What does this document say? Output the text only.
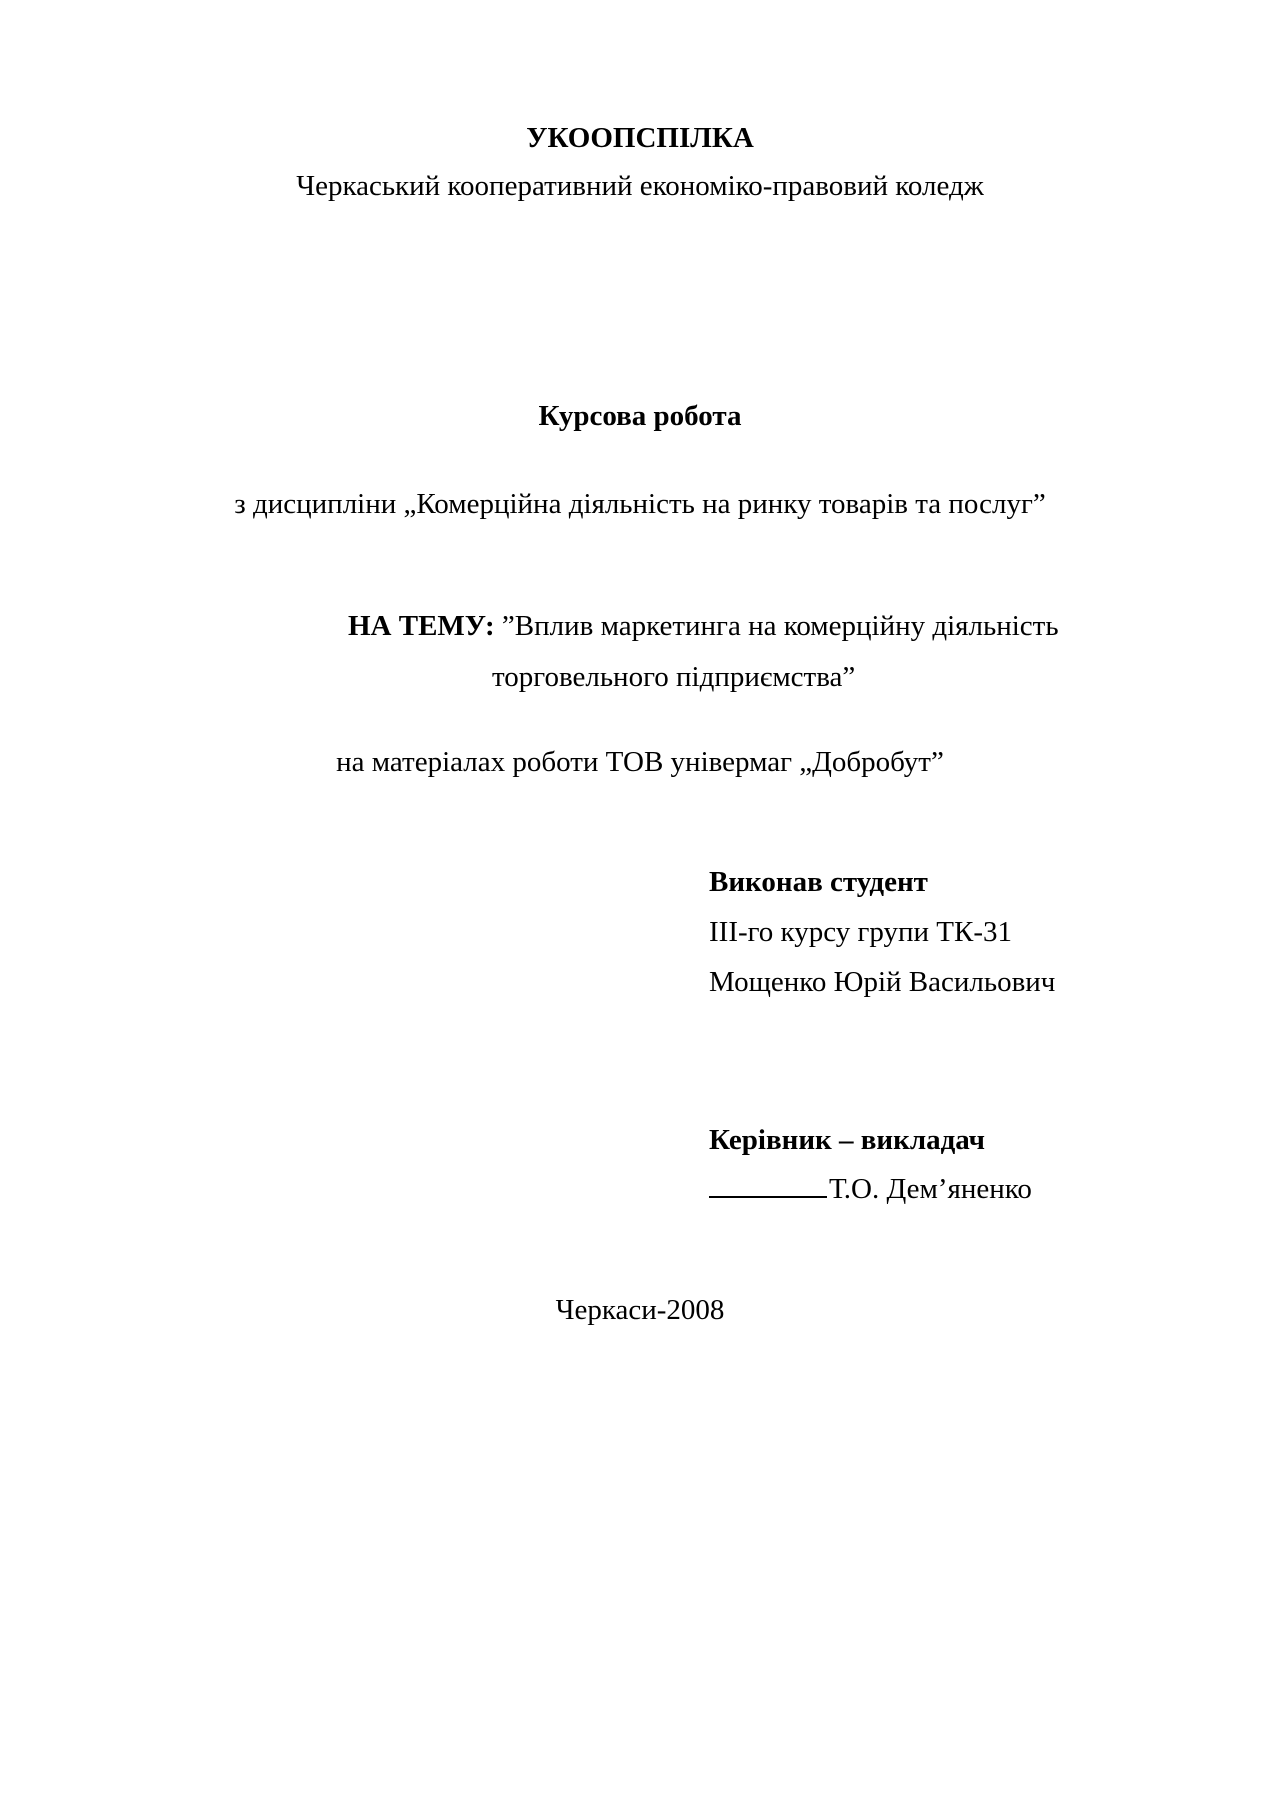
УКООПСПІЛКА
Черкаський кооперативний економіко-правовий коледж
Курсова робота
з дисципліни „Комерційна діяльність на ринку товарів та послуг”
НА ТЕМУ: ”Вплив маркетинга на комерційну діяльність
торговельного підприємства”
на матеріалах роботи ТОВ універмаг „Добробут”
Виконав студент
ІІІ-го курсу групи ТК-31
Мощенко Юрій Васильович
Керівник – викладач
Т.О. Дем’яненко
Черкаси-2008
